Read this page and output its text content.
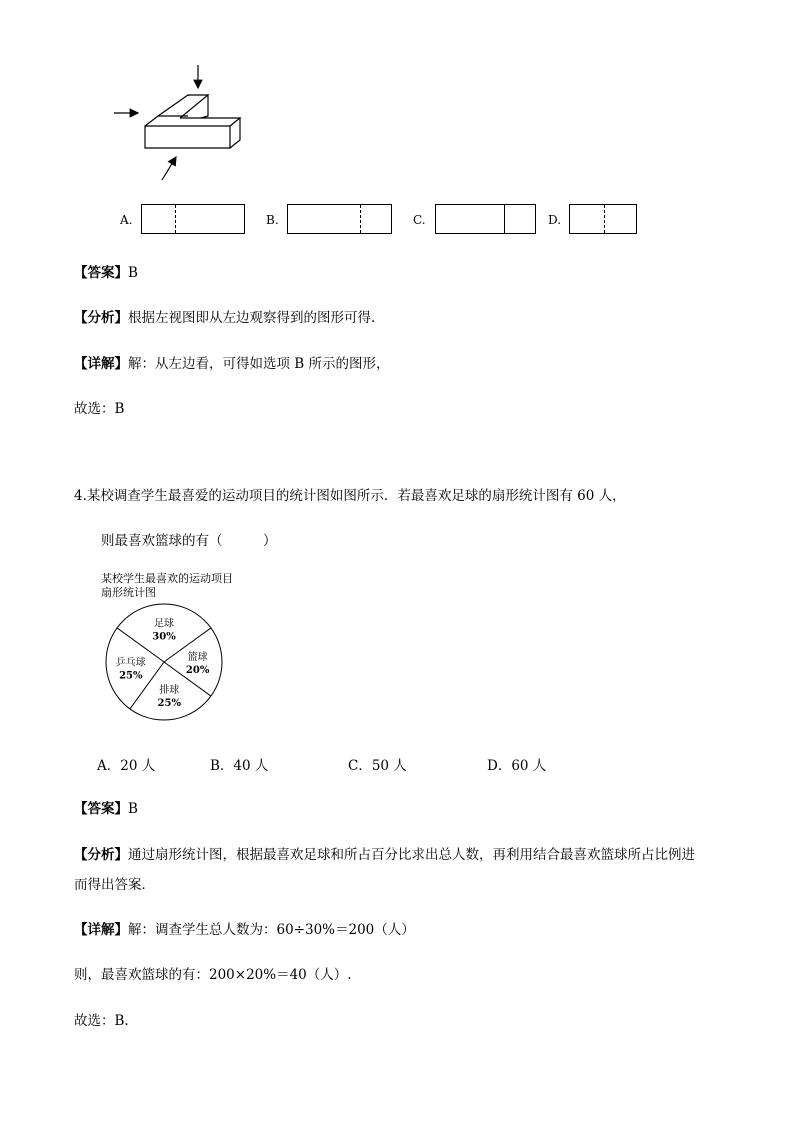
A.	B.	C.	D.
【答案】B
【分析】根据左视图即从左边观察得到的图形可得.
【详解】解：从左边看，可得如选项 B 所示的图形，
故选：B
4.某校调查学生最喜爱的运动项目的统计图如图所示．若最喜欢足球的扇形统计图有 60 人，
则最喜欢篮球的有（　　　）
某校学生最喜欢的运动项目
扇形统计图
足球
30%
篮球
20%
排球
25%
乒乓球
25%
A．20 人	B．40 人	C．50 人	D．60 人
【答案】B
【分析】通过扇形统计图，根据最喜欢足球和所占百分比求出总人数，再利用结合最喜欢篮球所占比例进
而得出答案．
【详解】解：调查学生总人数为：60÷30%＝200（人）
则，最喜欢篮球的有：200×20%＝40（人）.
故选：B.
